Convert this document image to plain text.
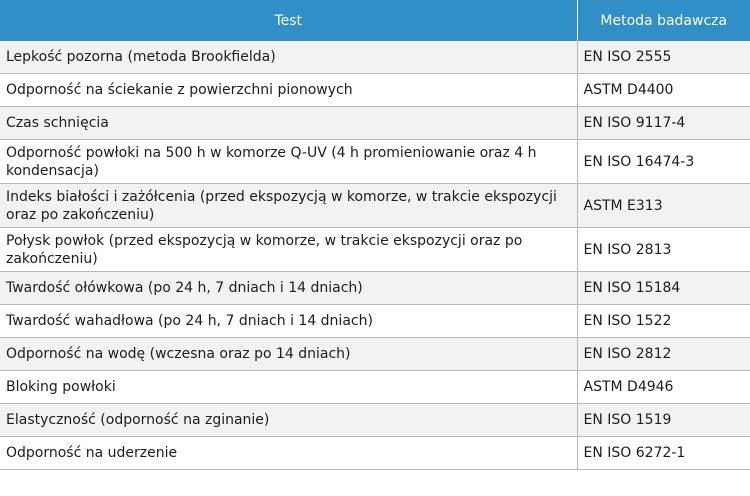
Test	Metoda badawcza
Lepkość pozorna (metoda Brookfielda)	EN ISO 2555
Odporność na ściekanie z powierzchni pionowych	ASTM D4400
Czas schnięcia	EN ISO 9117-4
Odporność powłoki na 500 h w komorze Q-UV (4 h promieniowanie oraz 4 h kondensacja)	EN ISO 16474-3
Indeks białości i zażółcenia (przed ekspozycją w komorze, w trakcie ekspozycji oraz po zakończeniu)	ASTM E313
Połysk powłok (przed ekspozycją w komorze, w trakcie ekspozycji oraz po zakończeniu)	EN ISO 2813
Twardość ołówkowa (po 24 h, 7 dniach i 14 dniach)	EN ISO 15184
Twardość wahadłowa (po 24 h, 7 dniach i 14 dniach)	EN ISO 1522
Odporność na wodę (wczesna oraz po 14 dniach)	EN ISO 2812
Bloking powłoki	ASTM D4946
Elastyczność (odporność na zginanie)	EN ISO 1519
Odporność na uderzenie	EN ISO 6272-1
